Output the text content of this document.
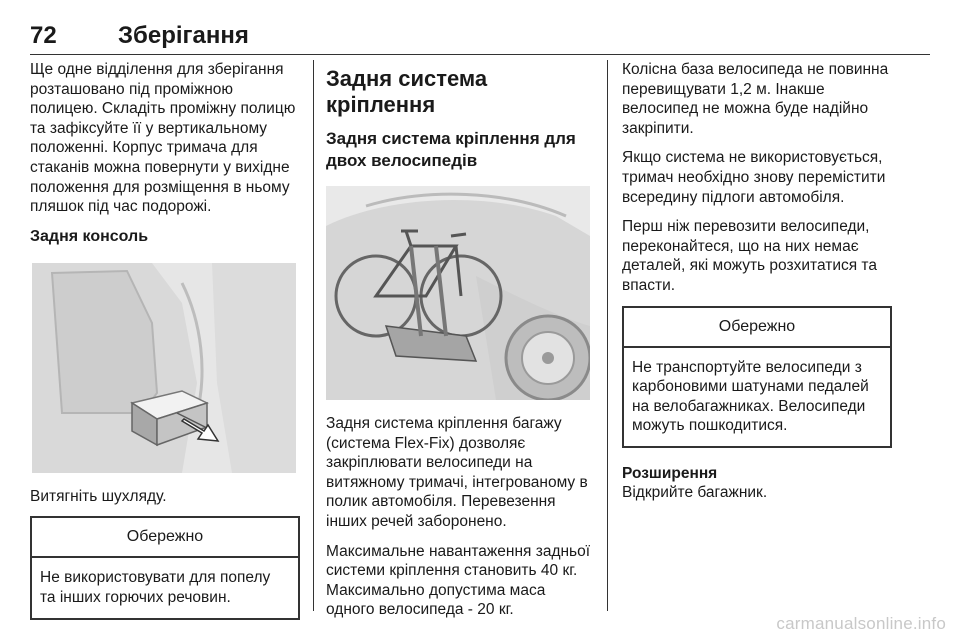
72	Зберігання

Ще одне відділення для зберігання розташовано під проміжною полицею. Складіть проміжну полицю та зафіксуйте її у вертикальному положенні. Корпус тримача для стаканів можна повернути у вихідне положення для розміщення в ньому пляшок під час подорожі.

Задня консоль

Витягніть шухляду.

Обережно
Не використовувати для попелу та інших горючих речовин.
Задня система кріплення
Задня система кріплення для двох велосипедів

Задня система кріплення багажу (система Flex-Fix) дозволяє закріплювати велосипеди на витяжному тримачі, інтегрованому в полик автомобіля. Перевезення інших речей заборонено.

Максимальне навантаження задньої системи кріплення становить 40 кг. Максимально допустима маса одного велосипеда - 20 кг.

Колісна база велосипеда не повинна перевищувати 1,2 м. Інакше велосипед не можна буде надійно закріпити.

Якщо система не використовується, тримач необхідно знову перемістити всередину підлоги автомобіля.

Перш ніж перевозити велосипеди, переконайтеся, що на них немає деталей, які можуть розхитатися та впасти.

Обережно
Не транспортуйте велосипеди з карбоновими шатунами педалей на велобагажниках. Велосипеди можуть пошкодитися.
Розширення

Відкрийте багажник.

carmanualsonline.info
